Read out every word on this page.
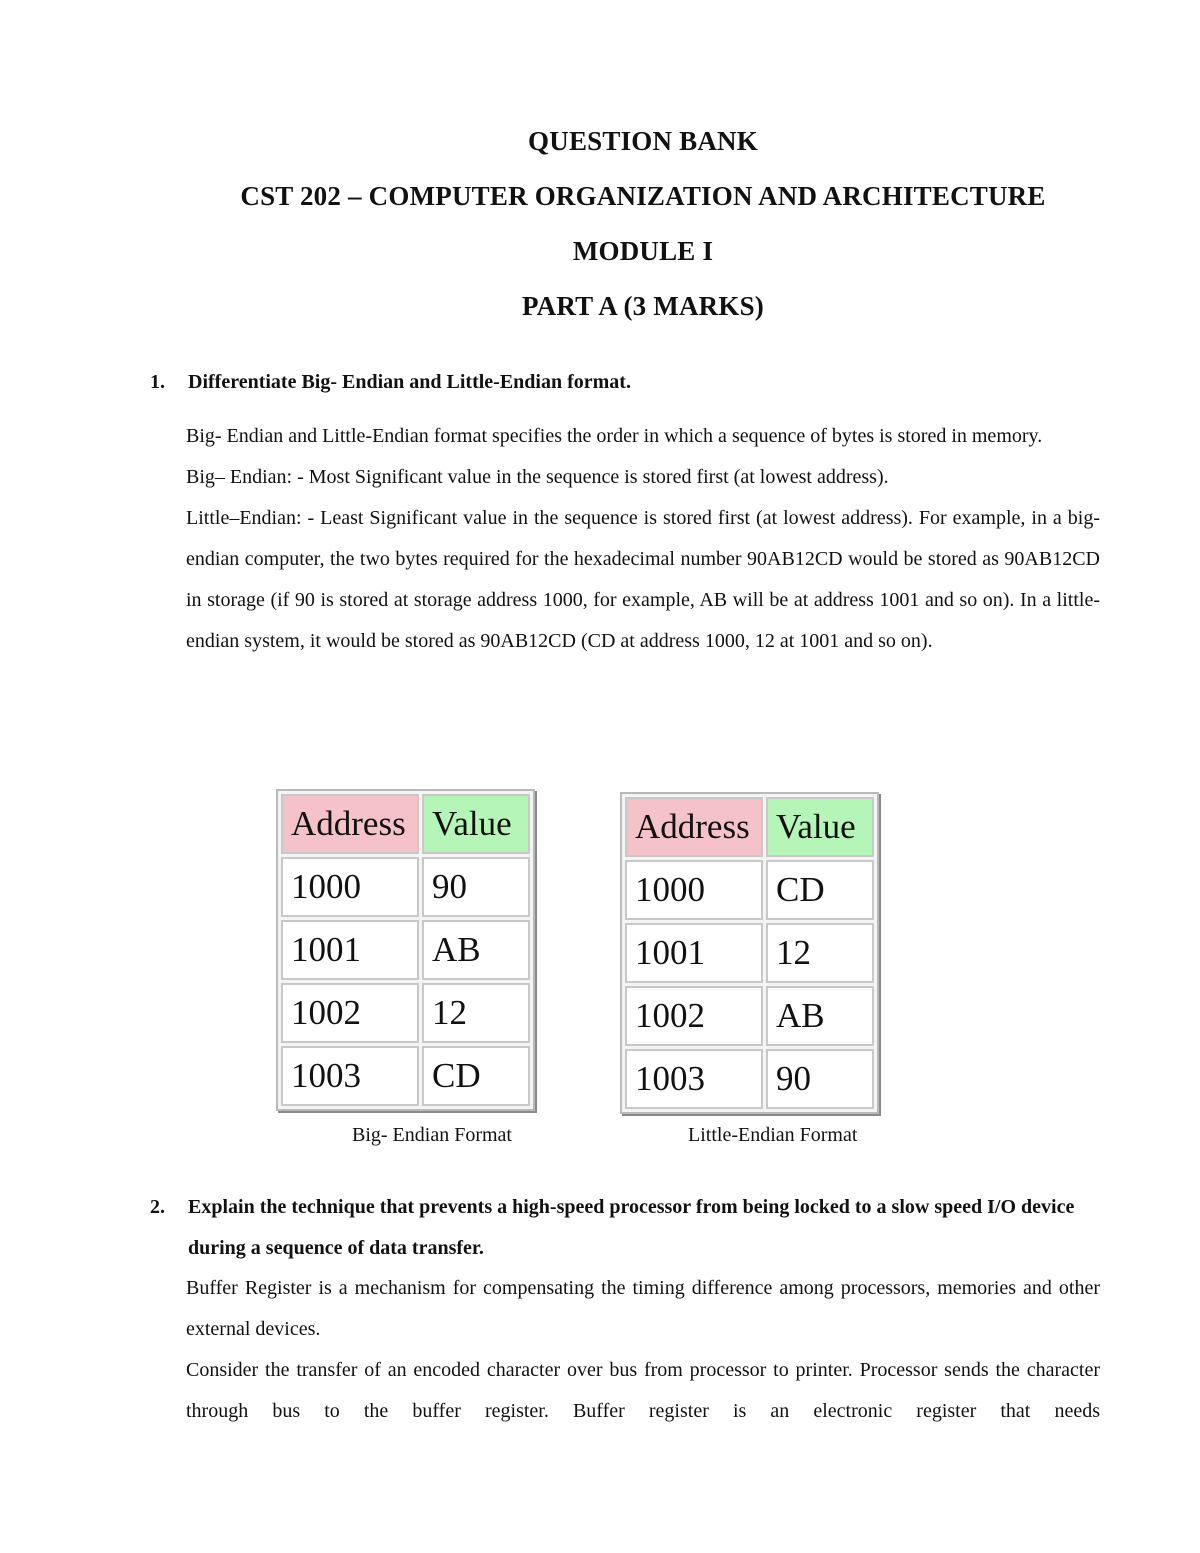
QUESTION BANK
CST 202 – COMPUTER ORGANIZATION AND ARCHITECTURE
MODULE I
PART A (3 MARKS)
1. Differentiate Big- Endian and Little-Endian format.

Big- Endian and Little-Endian format specifies the order in which a sequence of bytes is stored in memory.

Big– Endian: - Most Significant value in the sequence is stored first (at lowest address).

Little–Endian: - Least Significant value in the sequence is stored first (at lowest address). For example, in a big-endian computer, the two bytes required for the hexadecimal number 90AB12CD would be stored as 90AB12CD in storage (if 90 is stored at storage address 1000, for example, AB will be at address 1001 and so on). In a little-endian system, it would be stored as 90AB12CD (CD at address 1000, 12 at 1001 and so on).

Address	Value
1000	90
1001	AB
1002	12
1003	CD
Address	Value
1000	CD
1001	12
1002	AB
1003	90
Big- Endian Format	Little-Endian Format
2. Explain the technique that prevents a high-speed processor from being locked to a slow speed I/O device during a sequence of data transfer.

Buffer Register is a mechanism for compensating the timing difference among processors, memories and other external devices.

Consider the transfer of an encoded character over bus from processor to printer. Processor sends the character through bus to the buffer register. Buffer register is an electronic register that needs
